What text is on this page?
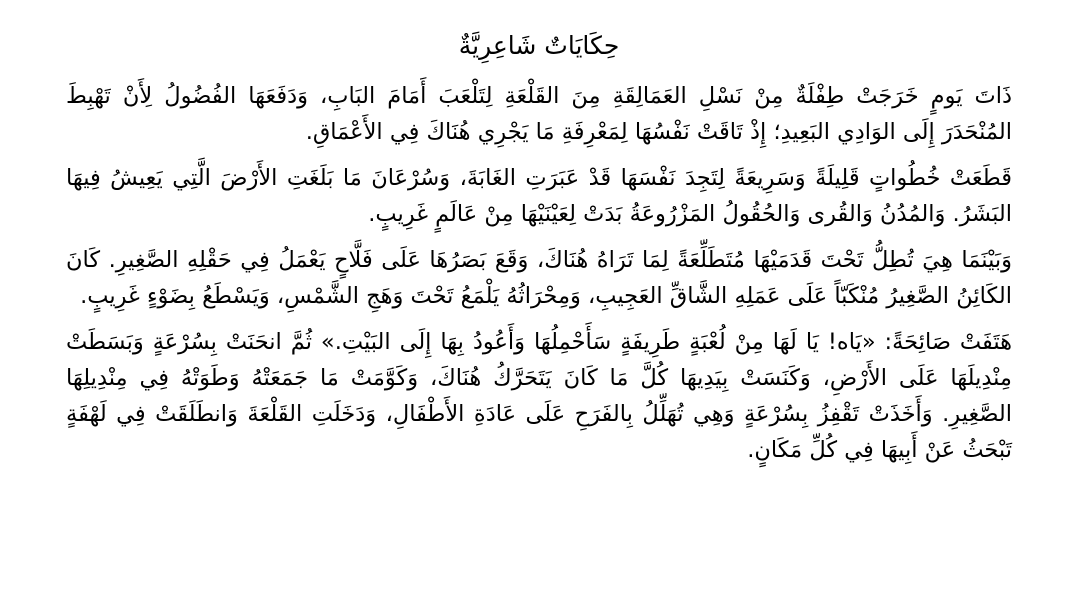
حِكَايَاتٌ شَاعِرِيَّةٌ

ذَاتَ يَومٍ خَرَجَتْ طِفْلَةٌ مِنْ نَسْلِ العَمَالِقَةِ مِنَ القَلْعَةِ لِتَلْعَبَ أَمَامَ البَابِ، وَدَفَعَهَا الفُضُولُ لِأَنْ تَهْبِطَ المُنْحَدَرَ إِلَى الوَادِي البَعِيدِ؛ إِذْ تَاقَتْ نَفْسُهَا لِمَعْرِفَةِ مَا يَجْرِي هُنَاكَ فِي الأَعْمَاقِ.

قَطَعَتْ خُطُواتٍ قَلِيلَةً وَسَرِيعَةً لِتَجِدَ نَفْسَهَا قَدْ عَبَرَتِ الغَابَةَ، وَسُرْعَانَ مَا بَلَغَتِ الأَرْضَ الَّتِي يَعِيشُ فِيهَا البَشَرُ. وَالمُدُنُ وَالقُرى وَالحُقُولُ المَزْرُوعَةُ بَدَتْ لِعَيْنَيْهَا مِنْ عَالَمٍ غَرِيبٍ.

وَبَيْنَمَا هِيَ تُطِلُّ تَحْتَ قَدَمَيْهَا مُتَطَلِّعَةً لِمَا تَرَاهُ هُنَاكَ، وَقَعَ بَصَرُهَا عَلَى فَلَّاحٍ يَعْمَلُ فِي حَقْلِهِ الصَّغِيرِ. كَانَ الكَائِنُ الصَّغِيرُ مُنْكَبّاً عَلَى عَمَلِهِ الشَّاقِّ العَجِيبِ، وَمِحْرَاثُهُ يَلْمَعُ تَحْتَ وَهَجِ الشَّمْسِ، وَيَسْطَعُ بِضَوْءٍ غَرِيبٍ.

هَتَفَتْ صَائِحَةً: «يَاه! يَا لَهَا مِنْ لُعْبَةٍ طَرِيفَةٍ سَأَحْمِلُهَا وَأَعُودُ بِهَا إِلَى البَيْتِ.» ثُمَّ انحَنَتْ بِسُرْعَةٍ وَبَسَطَتْ مِنْدِيلَهَا عَلَى الأَرْضِ، وَكَنَسَتْ بِيَدِيهَا كُلَّ مَا كَانَ يَتَحَرَّكُ هُنَاكَ، وَكَوَّمَتْ مَا جَمَعَتْهُ وَطَوَتْهُ فِي مِنْدِيلِهَا الصَّغِيرِ. وَأَخَذَتْ تَقْفِزُ بِسُرْعَةٍ وَهِي تُهَلِّلُ بِالفَرَحِ عَلَى عَادَةِ الأَطْفَالِ، وَدَخَلَتِ القَلْعَةَ وَانطَلَقَتْ فِي لَهْفَةٍ تَبْحَثُ عَنْ أَبِيهَا فِي كُلِّ مَكَانٍ.
